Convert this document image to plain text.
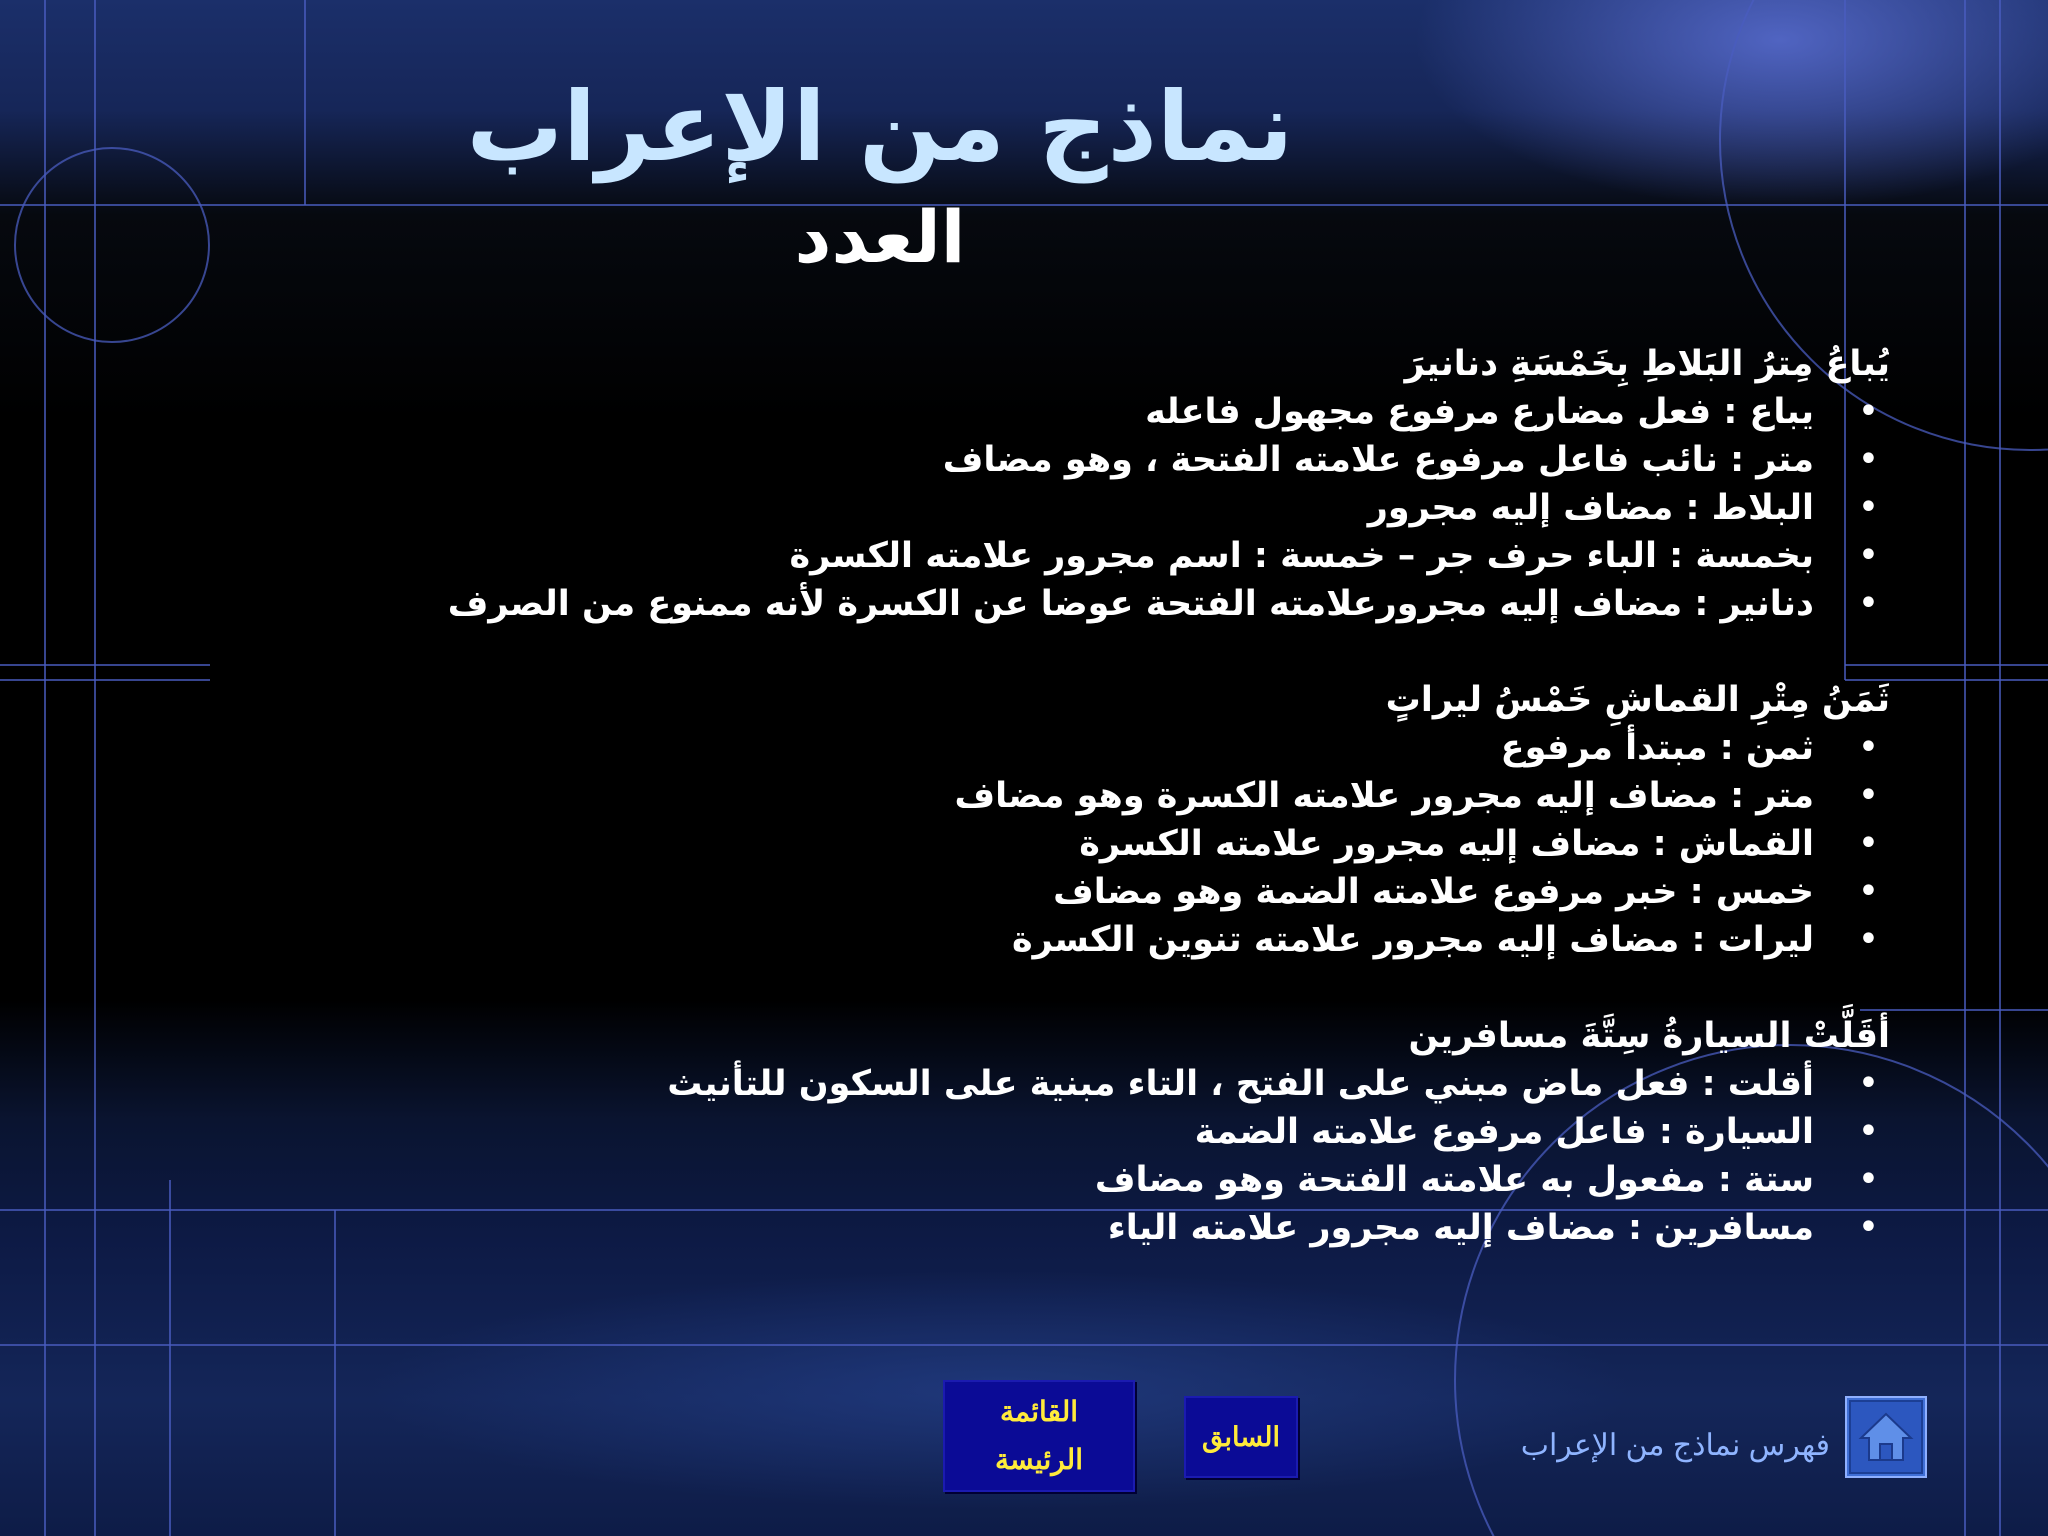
نماذج من الإعراب
العدد
يُباعُ مِترُ البَلاطِ بِخَمْسَةِ دنانيرَ
•
يباع : فعل مضارع مرفوع مجهول فاعله
•
متر : نائب فاعل مرفوع علامته الفتحة ، وهو مضاف
•
البلاط : مضاف إليه مجرور
•
بخمسة : الباء حرف جر – خمسة : اسم مجرور علامته الكسرة
•
دنانير : مضاف إليه مجرورعلامته الفتحة عوضا عن الكسرة لأنه ممنوع من الصرف
ثَمَنُ مِتْرِ القماشِ خَمْسُ ليراتٍ
•
ثمن : مبتدأ مرفوع
•
متر : مضاف إليه مجرور علامته الكسرة وهو مضاف
•
القماش : مضاف إليه مجرور علامته الكسرة
•
خمس : خبر مرفوع علامته الضمة وهو مضاف
•
ليرات : مضاف إليه مجرور علامته تنوين الكسرة
أقَلَّتْ السيارةُ سِتَّةَ مسافرين
•
أقلت : فعل ماض مبني على الفتح ، التاء مبنية على السكون للتأنيث
•
السيارة : فاعل مرفوع علامته الضمة
•
ستة : مفعول به علامته الفتحة وهو مضاف
•
مسافرين : مضاف إليه مجرور علامته الياء
القائمة
الرئيسة
السابق	فهرس نماذج من الإعراب
